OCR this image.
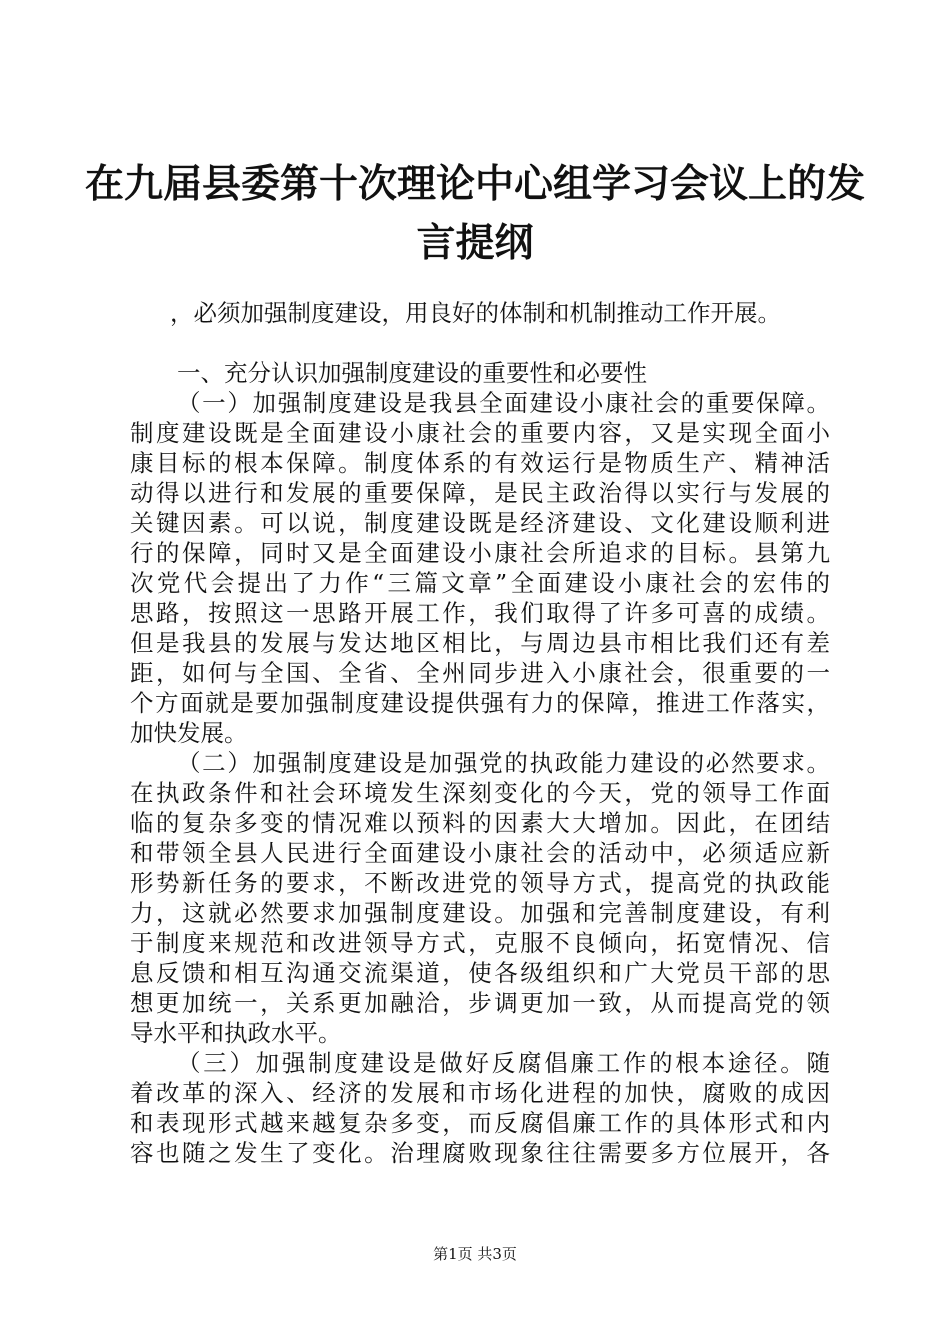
在九届县委第十次理论中心组学习会议上的发
言提纲
，必须加强制度建设，用良好的体制和机制推动工作开展。
一、充分认识加强制度建设的重要性和必要性
（一）加强制度建设是我县全面建设小康社会的重要保障。
制度建设既是全面建设小康社会的重要内容，又是实现全面小
康目标的根本保障。制度体系的有效运行是物质生产、精神活
动得以进行和发展的重要保障，是民主政治得以实行与发展的
关键因素。可以说，制度建设既是经济建设、文化建设顺利进
行的保障，同时又是全面建设小康社会所追求的目标。县第九
次党代会提出了力作“三篇文章”全面建设小康社会的宏伟的
思路，按照这一思路开展工作，我们取得了许多可喜的成绩。
但是我县的发展与发达地区相比，与周边县市相比我们还有差
距，如何与全国、全省、全州同步进入小康社会，很重要的一
个方面就是要加强制度建设提供强有力的保障，推进工作落实，
加快发展。
（二）加强制度建设是加强党的执政能力建设的必然要求。
在执政条件和社会环境发生深刻变化的今天，党的领导工作面
临的复杂多变的情况难以预料的因素大大增加。因此，在团结
和带领全县人民进行全面建设小康社会的活动中，必须适应新
形势新任务的要求，不断改进党的领导方式，提高党的执政能
力，这就必然要求加强制度建设。加强和完善制度建设，有利
于制度来规范和改进领导方式，克服不良倾向，拓宽情况、信
息反馈和相互沟通交流渠道，使各级组织和广大党员干部的思
想更加统一，关系更加融洽，步调更加一致，从而提高党的领
导水平和执政水平。
（三）加强制度建设是做好反腐倡廉工作的根本途径。随
着改革的深入、经济的发展和市场化进程的加快，腐败的成因
和表现形式越来越复杂多变，而反腐倡廉工作的具体形式和内
容也随之发生了变化。治理腐败现象往往需要多方位展开，各
第1页 共3页
